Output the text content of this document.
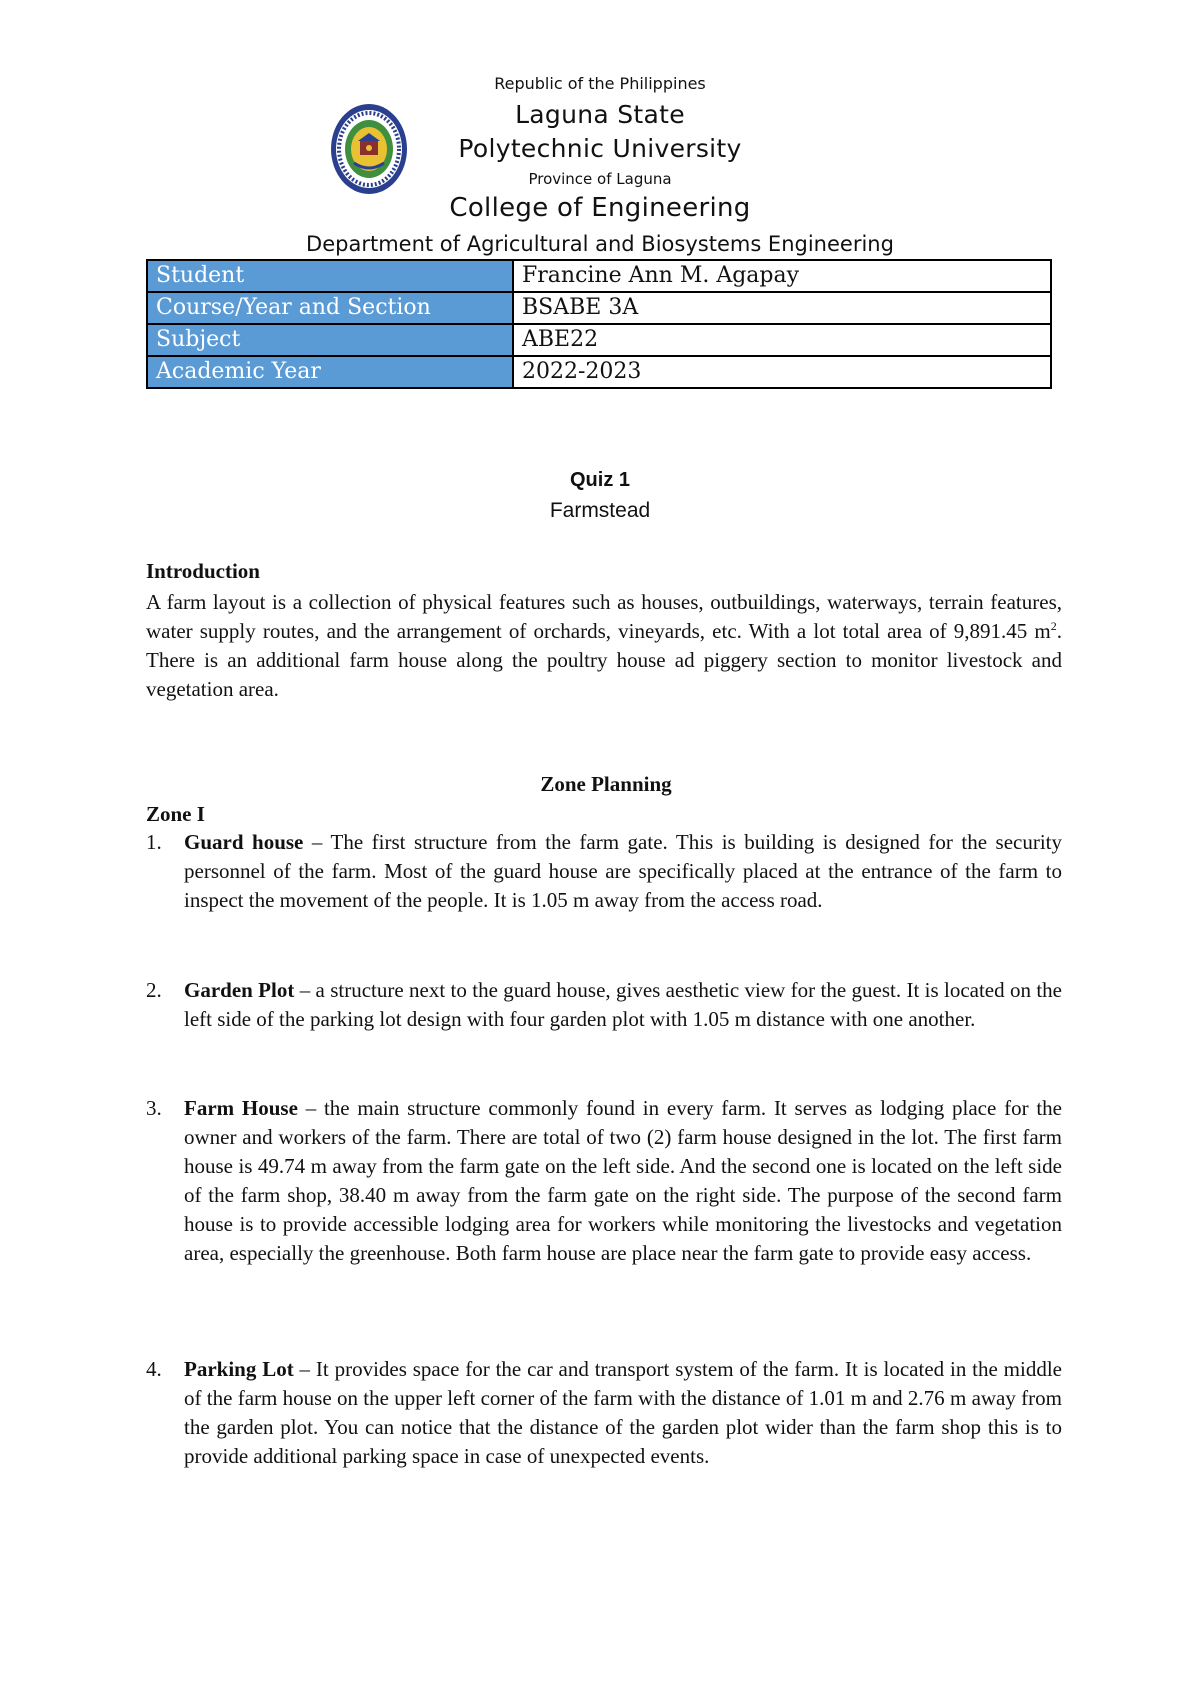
Republic of the Philippines
Laguna State
Polytechnic University
Province of Laguna
College of Engineering
Department of Agricultural and Biosystems Engineering
Student	Francine Ann M. Agapay
Course/Year and Section	BSABE 3A
Subject	ABE22
Academic Year	2022-2023
Quiz 1
Farmstead
Introduction
A farm layout is a collection of physical features such as houses, outbuildings, waterways, terrain features, water supply routes, and the arrangement of orchards, vineyards, etc. With a lot total area of 9,891.45 $m^2$. There is an additional farm house along the poultry house ad piggery section to monitor livestock and vegetation area.
Zone Planning
Zone I
1.	Guard house – The first structure from the farm gate. This is building is designed for the security personnel of the farm. Most of the guard house are specifically placed at the entrance of the farm to inspect the movement of the people. It is 1.05 m away from the access road.
2.	Garden Plot – a structure next to the guard house, gives aesthetic view for the guest. It is located on the left side of the parking lot design with four garden plot with 1.05 m distance with one another.
3.	Farm House – the main structure commonly found in every farm. It serves as lodging place for the owner and workers of the farm. There are total of two (2) farm house designed in the lot. The first farm house is 49.74 m away from the farm gate on the left side. And the second one is located on the left side of the farm shop, 38.40 m away from the farm gate on the right side. The purpose of the second farm house is to provide accessible lodging area for workers while monitoring the livestocks and vegetation area, especially the greenhouse. Both farm house are place near the farm gate to provide easy access.
4.	Parking Lot – It provides space for the car and transport system of the farm. It is located in the middle of the farm house on the upper left corner of the farm with the distance of 1.01 m and 2.76 m away from the garden plot. You can notice that the distance of the garden plot wider than the farm shop this is to provide additional parking space in case of unexpected events.
